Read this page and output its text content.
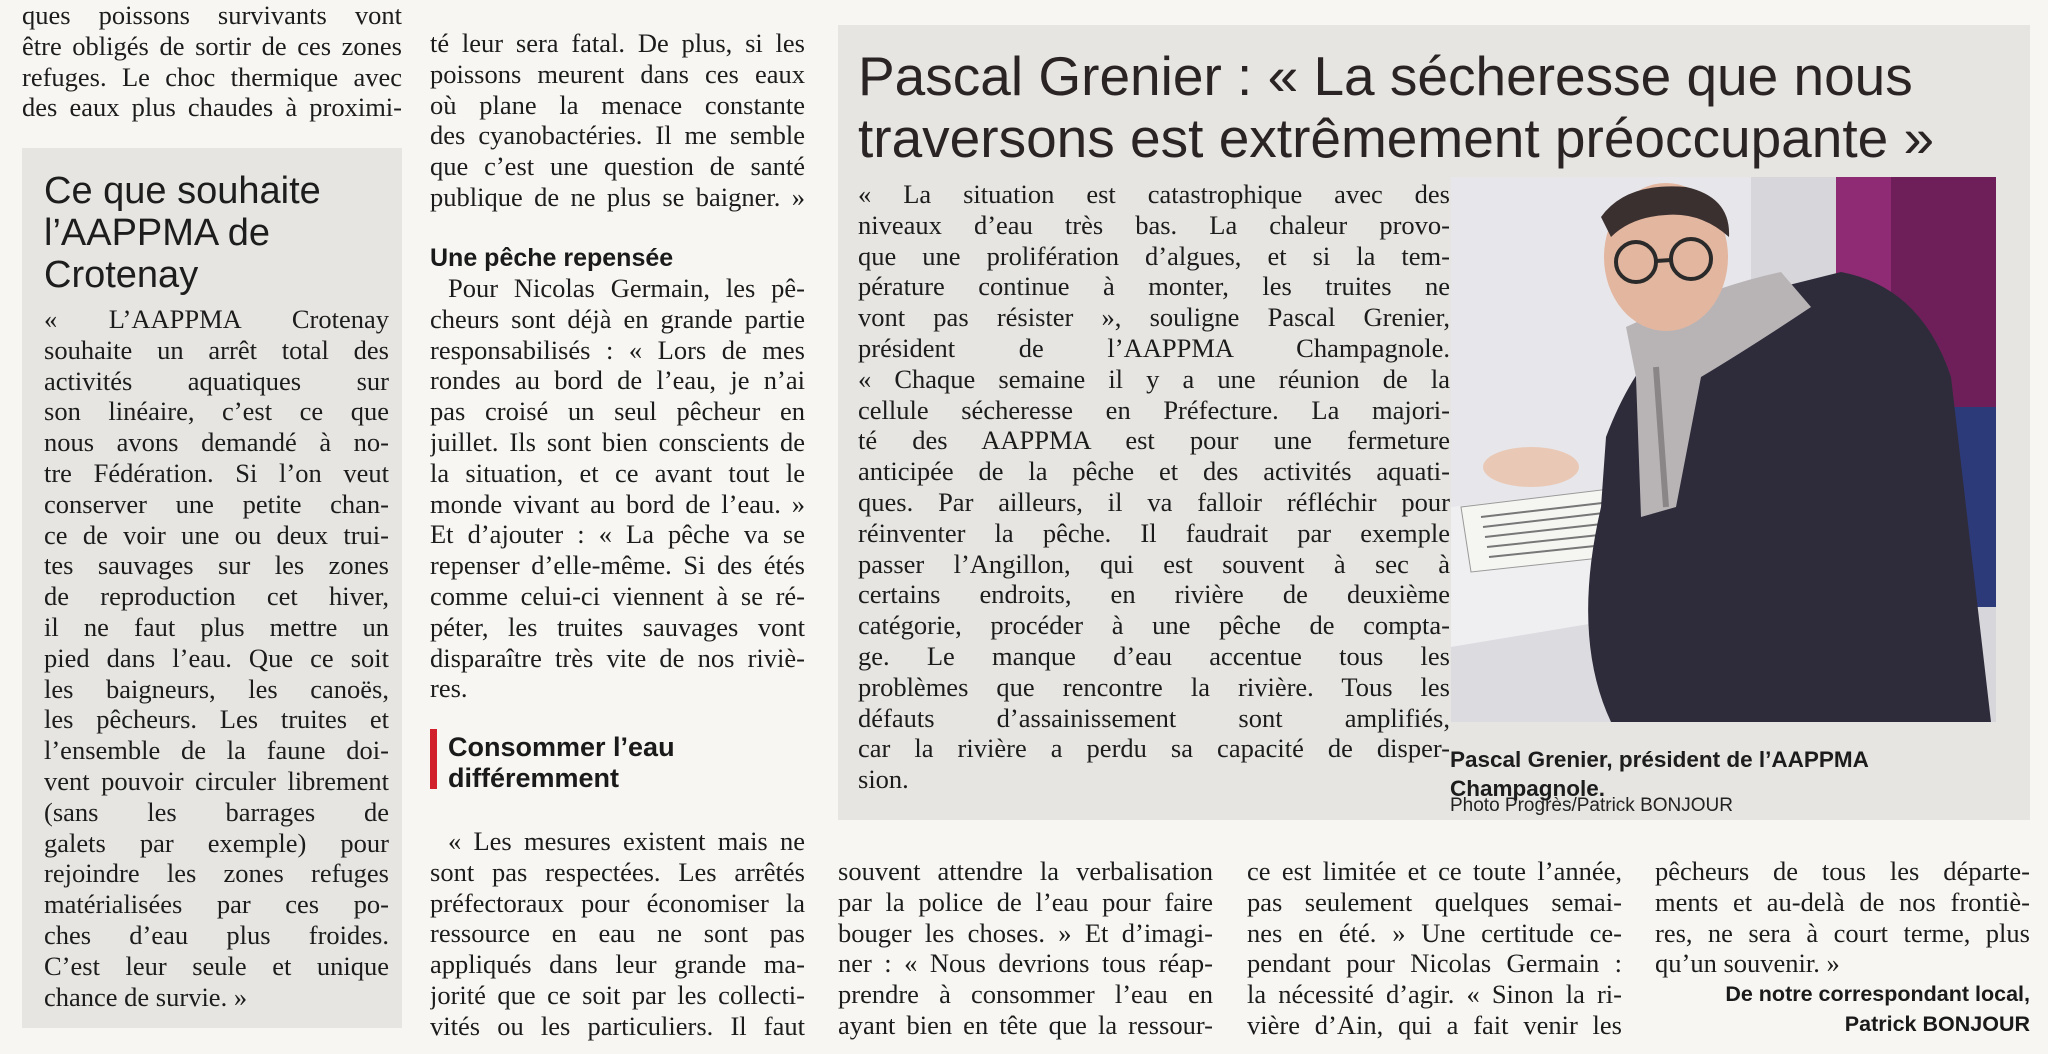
ques poissons survivants vont
être obligés de sortir de ces zones
refuges. Le choc thermique avec
des eaux plus chaudes à proximi-
Ce que souhaite
l’AAPPMA de
Crotenay
« L’AAPPMA Crotenay
souhaite un arrêt total des
activités aquatiques sur
son linéaire, c’est ce que
nous avons demandé à no-
tre Fédération. Si l’on veut
conserver une petite chan-
ce de voir une ou deux trui-
tes sauvages sur les zones
de reproduction cet hiver,
il ne faut plus mettre un
pied dans l’eau. Que ce soit
les baigneurs, les canoës,
les pêcheurs. Les truites et
l’ensemble de la faune doi-
vent pouvoir circuler librement
(sans les barrages de
galets par exemple) pour
rejoindre les zones refuges
matérialisées par ces po-
ches d’eau plus froides.
C’est leur seule et unique
chance de survie. »
té leur sera fatal. De plus, si les
poissons meurent dans ces eaux
où plane la menace constante
des cyanobactéries. Il me semble
que c’est une question de santé
publique de ne plus se baigner. »
Une pêche repensée
Pour Nicolas Germain, les pê-
cheurs sont déjà en grande partie
responsabilisés : « Lors de mes
rondes au bord de l’eau, je n’ai
pas croisé un seul pêcheur en
juillet. Ils sont bien conscients de
la situation, et ce avant tout le
monde vivant au bord de l’eau. »
Et d’ajouter : « La pêche va se
repenser d’elle-même. Si des étés
comme celui-ci viennent à se ré-
péter, les truites sauvages vont
disparaître très vite de nos riviè-
res.
Consommer l’eau
différemment
« Les mesures existent mais ne
sont pas respectées. Les arrêtés
préfectoraux pour économiser la
ressource en eau ne sont pas
appliqués dans leur grande ma-
jorité que ce soit par les collecti-
vités ou les particuliers. Il faut
Pascal Grenier : « La sécheresse que nous
traversons est extrêmement préoccupante »
« La situation est catastrophique avec des
niveaux d’eau très bas. La chaleur provo-
que une prolifération d’algues, et si la tem-
pérature continue à monter, les truites ne
vont pas résister », souligne Pascal Grenier,
président de l’AAPPMA Champagnole.
« Chaque semaine il y a une réunion de la
cellule sécheresse en Préfecture. La majori-
té des AAPPMA est pour une fermeture
anticipée de la pêche et des activités aquati-
ques. Par ailleurs, il va falloir réfléchir pour
réinventer la pêche. Il faudrait par exemple
passer l’Angillon, qui est souvent à sec à
certains endroits, en rivière de deuxième
catégorie, procéder à une pêche de compta-
ge. Le manque d’eau accentue tous les
problèmes que rencontre la rivière. Tous les
défauts d’assainissement sont amplifiés,
car la rivière a perdu sa capacité de disper-
sion.
Pascal Grenier, président de l’AAPPMA
Champagnole.
Photo Progrès/Patrick BONJOUR
souvent attendre la verbalisation
par la police de l’eau pour faire
bouger les choses. » Et d’imagi-
ner : « Nous devrions tous réap-
prendre à consommer l’eau en
ayant bien en tête que la ressour-
ce est limitée et ce toute l’année,
pas seulement quelques semai-
nes en été. » Une certitude ce-
pendant pour Nicolas Germain :
la nécessité d’agir. « Sinon la ri-
vière d’Ain, qui a fait venir les
pêcheurs de tous les départe-
ments et au-delà de nos frontiè-
res, ne sera à court terme, plus
qu’un souvenir. »
De notre correspondant local,
Patrick BONJOUR
